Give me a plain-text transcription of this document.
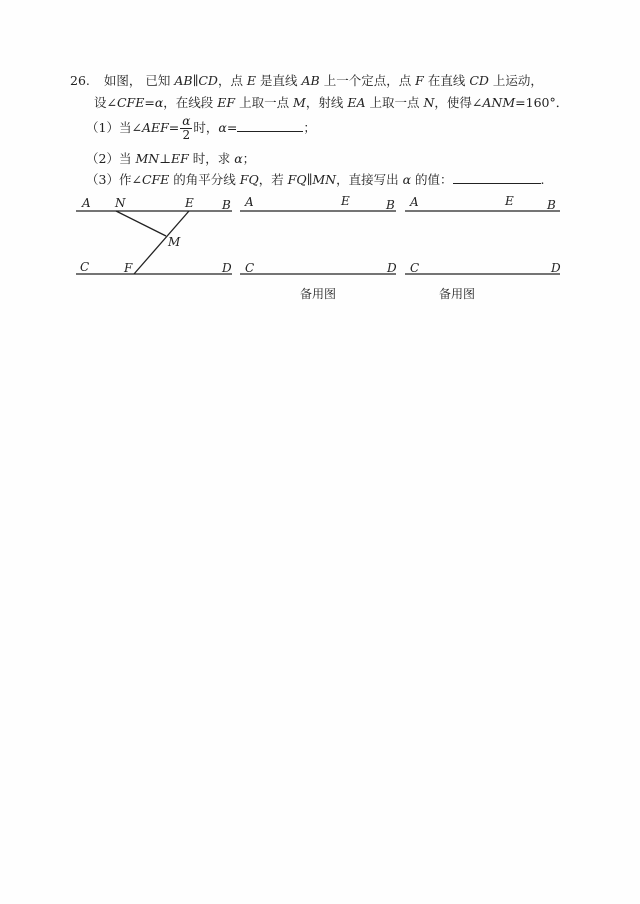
26. 如图， 已知 AB∥CD，点 E 是直线 AB 上一个定点，点 F 在直线 CD 上运动，
设∠CFE=α，在线段 EF 上取一点 M，射线 EA 上取一点 N，使得∠ANM=160°．
（1）当∠AEF= $\frac{\alpha}{2}$ 时，α=	；
（2）当 MN⊥EF 时，求 α；
（3）作∠CFE 的角平分线 FQ，若 FQ∥MN，直接写出 α 的值：	.
A N	E B
M
C	F	D
A	E	B
C	D
A	E	B
C	D
备用图	备用图
